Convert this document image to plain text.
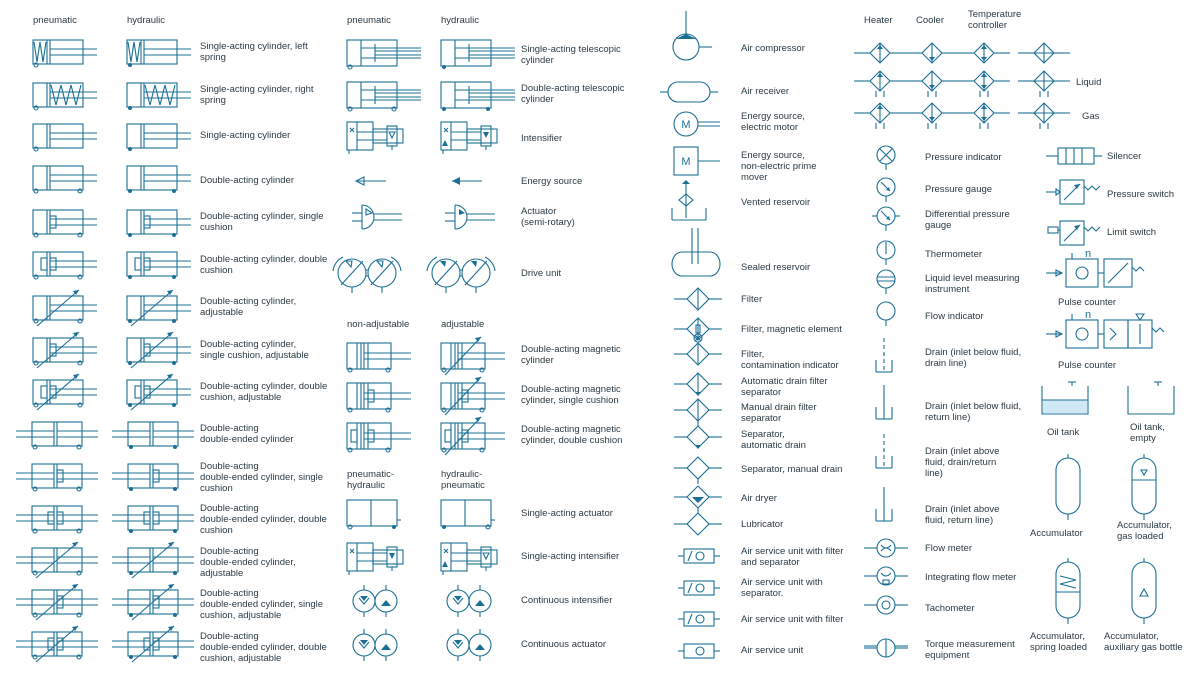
pneumatic	hydraulic	pneumatic	hydraulic	Heater Cooler
Temperature
controller
non-adjustable	adjustable
pneumatic-
hydraulic
hydraulic-
pneumatic
Single-acting cylinder, left
spring
Single-acting cylinder, right
spring
Single-acting cylinder
Double-acting cylinder
Double-acting cylinder, single
cushion
Double-acting cylinder, double
cushion
Double-acting cylinder,
adjustable
Double-acting cylinder,
single cushion, adjustable
Double-acting cylinder, double
cushion, adjustable
Double-acting
double-ended cylinder
Double-acting
double-ended cylinder, single
cushion
Double-acting
double-ended cylinder, double
cushion
Double-acting
double-ended cylinder,
adjustable
Double-acting
double-ended cylinder, single
cushion, adjustable
Double-acting
double-ended cylinder, double
cushion, adjustable
Single-acting telescopic
cylinder
Double-acting telescopic
cylinder
Intensifier
Energy source
Actuator
(semi-rotary)
Drive unit
Double-acting magnetic
cylinder
Double-acting magnetic
cylinder, single cushion
Double-acting magnetic
cylinder, double cushion
Single-acting actuator
Single-acting intensifier
Continuous intensifier
Continuous actuator
Air compressor
Air receiver
Energy source,
electric motor
Energy source,
non-electric prime
mover
Vented reservoir
Sealed reservoir
Filter
Filter, magnetic element
Filter,
contamination indicator
Automatic drain filter
separator
Manual drain filter
separator
Separator,
automatic drain
Separator, manual drain
Air dryer
Lubricator
Air service unit with filter
and separator
Air service unit with
separator.
Air service unit with filter
Air service unit
Liquid
Gas
Pressure indicator
Pressure gauge
Differential pressure
gauge
Thermometer
Liquid level measuring
instrument
Flow indicator
Drain (inlet below fluid,
drain line)
Drain (inlet below fluid,
return line)
Drain (inlet above
fluid, drain/return
line)
Drain (inlet above
fluid, return line)
Flow meter
Integrating flow meter
Tachometer
Torque measurement
equipment
Silencer
Pressure switch
Limit switch
Pulse counter
Pulse counter
Oil tank	Oil tank,
empty
Accumulator
Accumulator,
gas loaded
Accumulator,
spring loaded
Accumulator,
auxiliary gas bottle
M
M
n
n
